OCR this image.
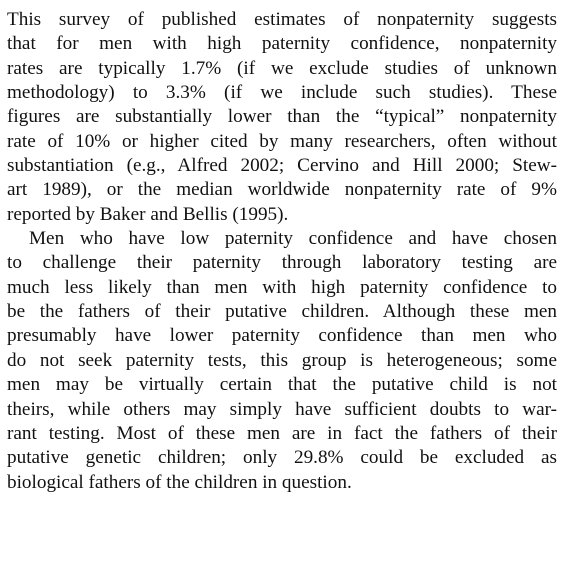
This survey of published estimates of nonpaternity suggests
that for men with high paternity confidence, nonpaternity
rates are typically 1.7% (if we exclude studies of unknown
methodology) to 3.3% (if we include such studies). These
figures are substantially lower than the “typical” nonpaternity
rate of 10% or higher cited by many researchers, often without
substantiation (e.g., Alfred 2002; Cervino and Hill 2000; Stew-
art 1989), or the median worldwide nonpaternity rate of 9%
reported by Baker and Bellis (1995).
Men who have low paternity confidence and have chosen
to challenge their paternity through laboratory testing are
much less likely than men with high paternity confidence to
be the fathers of their putative children. Although these men
presumably have lower paternity confidence than men who
do not seek paternity tests, this group is heterogeneous; some
men may be virtually certain that the putative child is not
theirs, while others may simply have sufficient doubts to war-
rant testing. Most of these men are in fact the fathers of their
putative genetic children; only 29.8% could be excluded as
biological fathers of the children in question.
